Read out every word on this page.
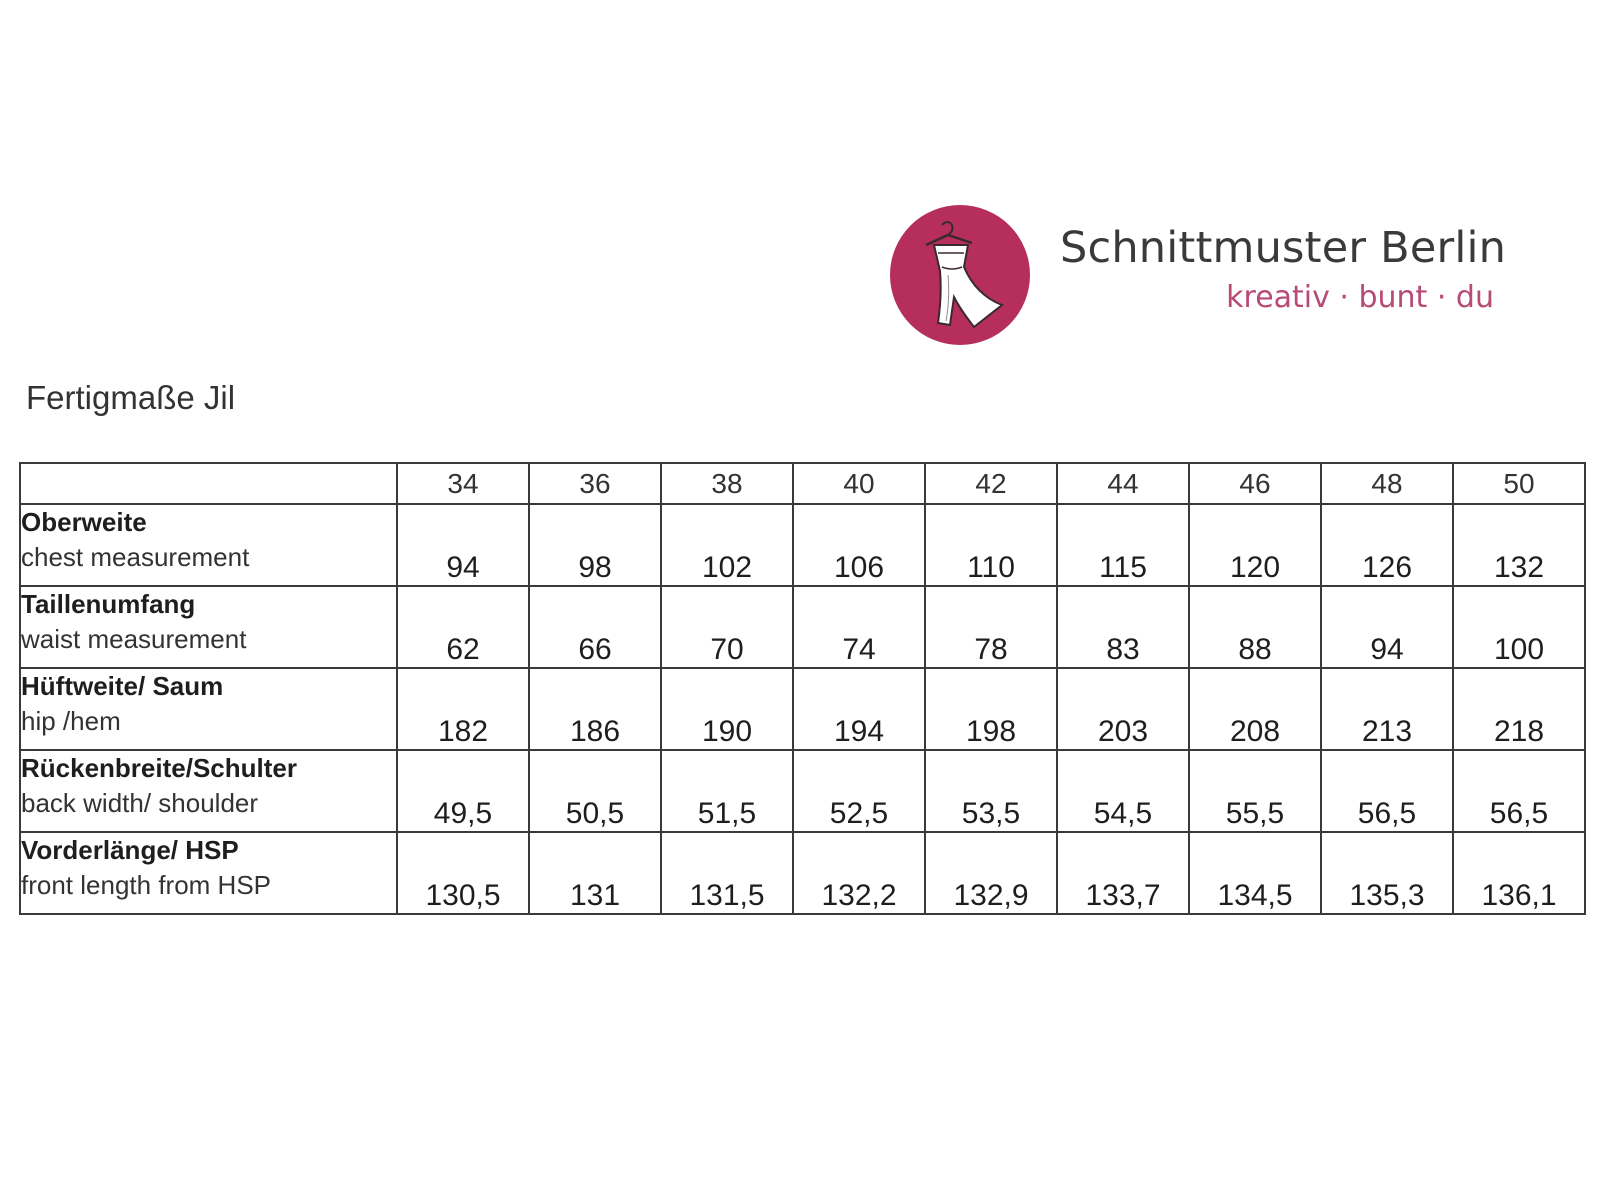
Schnittmuster Berlin
kreativ · bunt · du
Fertigmaße Jil
	34	36	38	40	42	44	46	48	50

Oberweite
chest measurement	94	98	102	106	110	115	120	126	132

Taillenumfang
waist measurement	62	66	70	74	78	83	88	94	100

Hüftweite/ Saum
hip /hem	182	186	190	194	198	203	208	213	218

Rückenbreite/Schulter
back width/ shoulder	49,5	50,5	51,5	52,5	53,5	54,5	55,5	56,5	56,5

Vorderlänge/ HSP
front length from HSP	130,5	131	131,5	132,2	132,9	133,7	134,5	135,3	136,1
